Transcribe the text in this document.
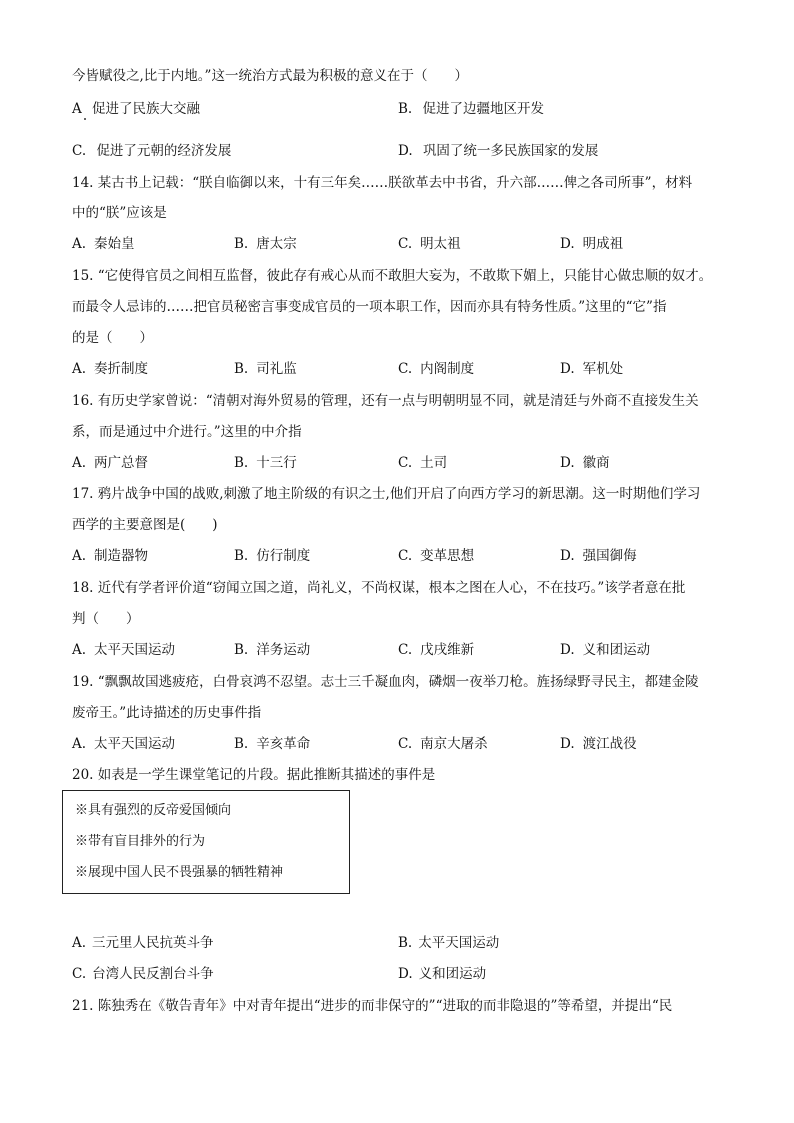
今皆赋役之,比于内地。”这一统治方式最为积极的意义在于（　　）
A 促进了民族大交融	B. 促进了边疆地区开发
C. 促进了元朝的经济发展	D. 巩固了统一多民族国家的发展
14. 某古书上记载：“朕自临御以来，十有三年矣……朕欲革去中书省，升六部……俾之各司所事”，材料
中的“朕”应该是
A. 秦始皇	B. 唐太宗	C. 明太祖	D. 明成祖
15. “它使得官员之间相互监督，彼此存有戒心从而不敢胆大妄为，不敢欺下媚上，只能甘心做忠顺的奴才。
而最令人忌讳的……把官员秘密言事变成官员的一项本职工作，因而亦具有特务性质。”这里的“它”指
的是（　　）
A. 奏折制度	B. 司礼监	C. 内阁制度	D. 军机处
16. 有历史学家曾说：“清朝对海外贸易的管理，还有一点与明朝明显不同，就是清廷与外商不直接发生关
系，而是通过中介进行。”这里的中介指
A. 两广总督	B. 十三行	C. 土司	D. 徽商
17. 鸦片战争中国的战败,刺激了地主阶级的有识之士,他们开启了向西方学习的新思潮。这一时期他们学习
西学的主要意图是(　　)
A. 制造器物	B. 仿行制度	C. 变革思想	D. 强国御侮
18. 近代有学者评价道“窃闻立国之道，尚礼义，不尚权谋，根本之图在人心，不在技巧。”该学者意在批
判（　　）
A. 太平天国运动	B. 洋务运动	C. 戊戌维新	D. 义和团运动
19. “飘飘故国逃疲疮，白骨哀鸿不忍望。志士三千凝血肉，磷烟一夜举刀枪。旌扬绿野寻民主，都建金陵
废帝王。”此诗描述的历史事件指
A. 太平天国运动	B. 辛亥革命	C. 南京大屠杀	D. 渡江战役
20. 如表是一学生课堂笔记的片段。据此推断其描述的事件是
※具有强烈的反帝爱国倾向
※带有盲目排外的行为
※展现中国人民不畏强暴的牺牲精神
A. 三元里人民抗英斗争	B. 太平天国运动
C. 台湾人民反割台斗争	D. 义和团运动
21. 陈独秀在《敬告青年》中对青年提出“进步的而非保守的”“进取的而非隐退的”等希望，并提出“民
